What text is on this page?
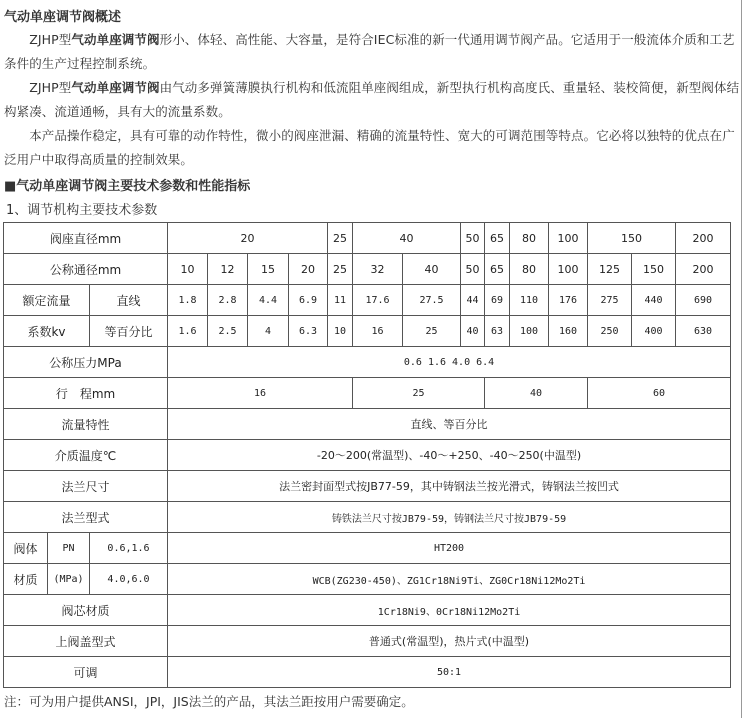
气动单座调节阀概述
  ZJHP型气动单座调节阀形小、体轻、高性能、大容量，是符合IEC标准的新一代通用调节阀产品。它适用于一般流体介质和工艺条件的生产过程控制系统。
  ZJHP型气动单座调节阀由气动多弹簧薄膜执行机构和低流阻单座阀组成，新型执行机构高度氏、重量轻、装校简便，新型阀体结构紧凑、流道通畅，具有大的流量系数。
  本产品操作稳定，具有可靠的动作特性，微小的阀座泄漏、精确的流量特性、宽大的可调范围等特点。它必将以独特的优点在广泛用户中取得高质量的控制效果。
■气动单座调节阀主要技术参数和性能指标
1、调节机构主要技术参数
阀座直径mm			20				25	40		50	65	80	100	150		200
公称通径mm			10	12	15	20	25	32	40	50	65	80	100	125	150	200
额定流量		直线	1.8	2.8	4.4	6.9	11	17.6	27.5	44	69	110	176	275	440	690
系数kv		等百分比	1.6	2.5	4	6.3	10	16	25	40	63	100	160	250	400	630
公称压力MPa			0.6 1.6 4.0 6.4													
行　程mm			16					25			40			60		
流量特性			直线、等百分比													
介质温度℃			-20～200(常温型)、-40～+250、-40～250(中温型)													
法兰尺寸			法兰密封面型式按JB77-59，其中铸钢法兰按光滑式，铸钢法兰按凹式													
法兰型式			铸铁法兰尺寸按JB79-59，铸钢法兰尺寸按JB79-59													
阀体	PN	0.6,1.6	HT200													
材质	(MPa)	4.0,6.0	WCB(ZG230-450)、ZG1Cr18Ni9Ti、ZG0Cr18Ni12Mo2Ti													
阀芯材质			1Cr18Ni9、0Cr18Ni12Mo2Ti													
上阀盖型式			普通式(常温型)，热片式(中温型)													
可调			50:1													
注：可为用户提供ANSI，JPI，JIS法兰的产品，其法兰距按用户需要确定。
